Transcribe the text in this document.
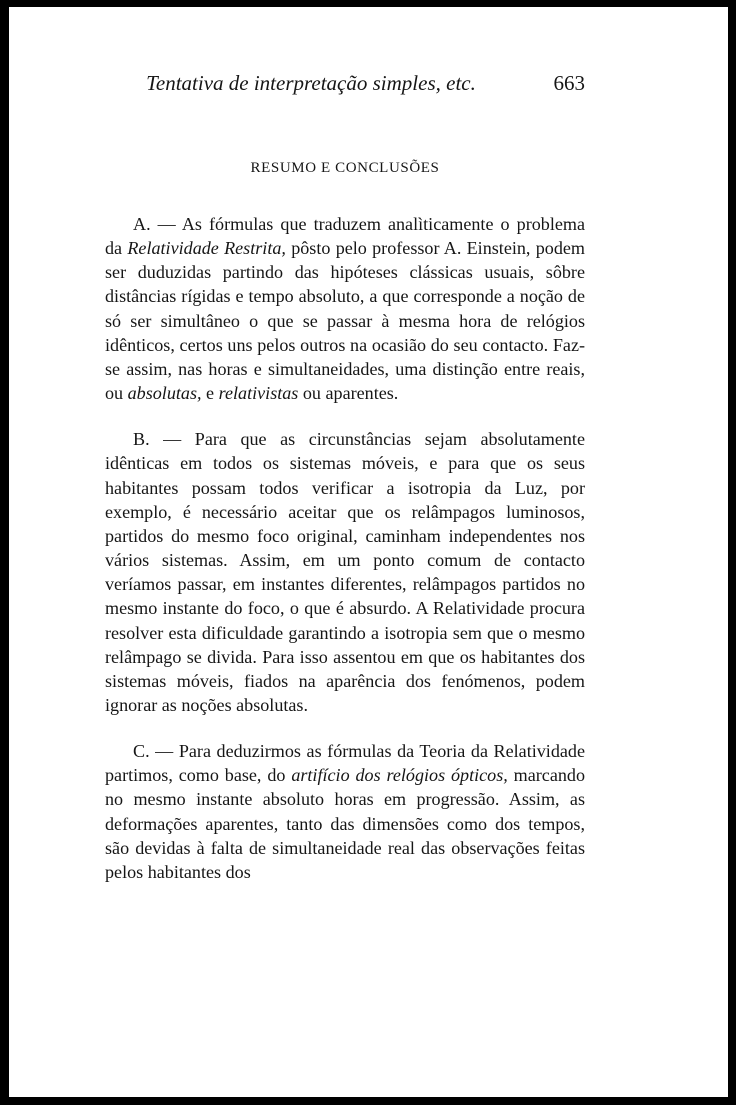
Tentativa de interpretação simples, etc.	663
RESUMO E CONCLUSÕES

A. — As fórmulas que traduzem analìticamente o problema da Relatividade Restrita, pôsto pelo professor A. Einstein, podem ser duduzidas partindo das hipóteses clássicas usuais, sôbre distâncias rígidas e tempo absoluto, a que corresponde a noção de só ser simultâneo o que se passar à mesma hora de relógios idênticos, certos uns pelos outros na ocasião do seu contacto. Faz-se assim, nas horas e simultaneidades, uma distinção entre reais, ou absolutas, e relativistas ou aparentes.

B. — Para que as circunstâncias sejam absolutamente idênticas em todos os sistemas móveis, e para que os seus habitantes possam todos verificar a isotropia da Luz, por exemplo, é necessário aceitar que os relâmpagos luminosos, partidos do mesmo foco original, caminham independentes nos vários sistemas. Assim, em um ponto comum de contacto veríamos passar, em instantes diferentes, relâmpagos partidos no mesmo instante do foco, o que é absurdo. A Relatividade procura resolver esta dificuldade garantindo a isotropia sem que o mesmo relâmpago se divida. Para isso assentou em que os habitantes dos sistemas móveis, fiados na aparência dos fenómenos, podem ignorar as noções absolutas.

C. — Para deduzirmos as fórmulas da Teoria da Relatividade partimos, como base, do artifício dos relógios ópticos, marcando no mesmo instante absoluto horas em progressão. Assim, as deformações aparentes, tanto das dimensões como dos tempos, são devidas à falta de simultaneidade real das observações feitas pelos habitantes dos
